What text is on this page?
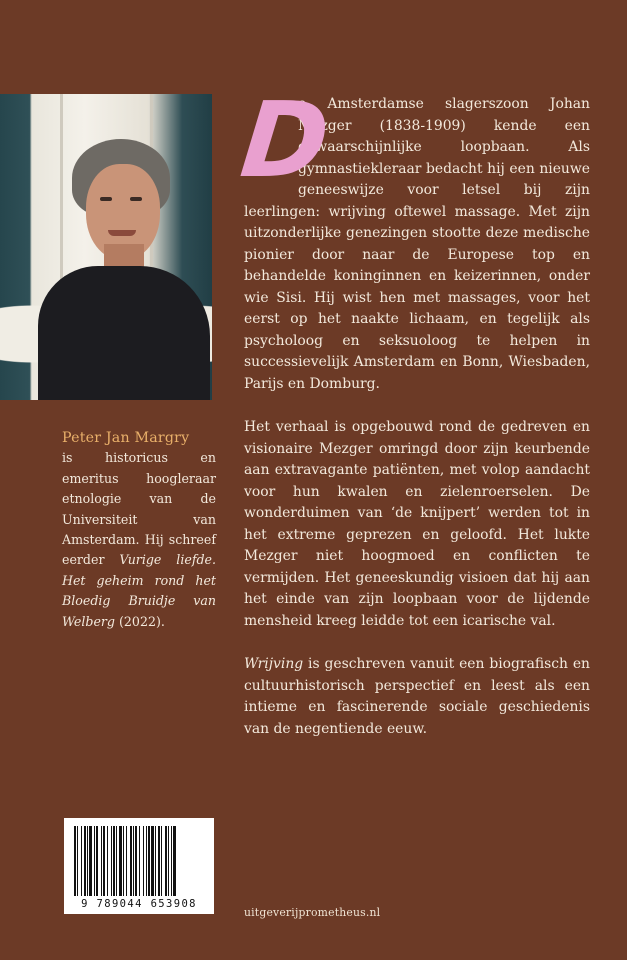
Peter Jan Margry

is historicus en emeritus hoogleraar etnologie van de Universiteit van Amsterdam. Hij schreef eerder Vurige liefde. Het geheim rond het Bloedig Bruidje van Welberg (2022).

D
e Amsterdamse slagerszoon Johan Mezger (1838-1909) kende een onwaarschijnlijke loopbaan. Als gymnastiekleraar bedacht hij een nieuwe geneeswijze voor letsel bij zijn leerlingen: wrijving oftewel massage. Met zijn uitzonderlijke genezingen stootte deze medische pionier door naar de Europese top en behandelde koninginnen en keizerinnen, onder wie Sisi. Hij wist hen met massages, voor het eerst op het naakte lichaam, en tegelijk als psycholoog en seksuoloog te helpen in successievelijk Amsterdam en Bonn, Wiesbaden, Parijs en Domburg.

Het verhaal is opgebouwd rond de gedreven en visionaire Mezger omringd door zijn keurbende aan extravagante patiënten, met volop aandacht voor hun kwalen en zielenroerselen. De wonderduimen van ‘de knijpert’ werden tot in het extreme geprezen en geloofd. Het lukte Mezger niet hoogmoed en conflicten te vermijden. Het geneeskundig visioen dat hij aan het einde van zijn loopbaan voor de lijdende mensheid kreeg leidde tot een icarische val.

Wrijving is geschreven vanuit een biografisch en cultuurhistorisch perspectief en leest als een intieme en fascinerende sociale geschiedenis van de negentiende eeuw.

9 789044 653908
uitgeverijprometheus.nl
